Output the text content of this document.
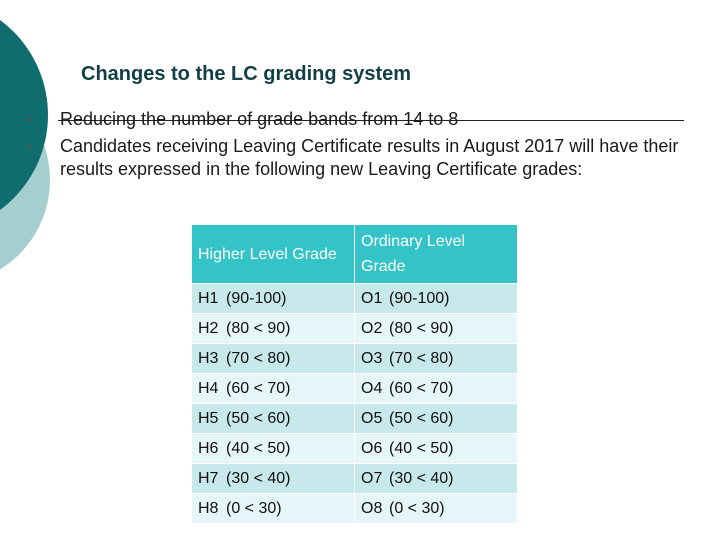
Changes to the LC grading system
• Reducing the number of grade bands from 14 to 8
• Candidates receiving Leaving Certificate results in August 2017 will have their results expressed in the following new Leaving Certificate grades:
Higher Level Grade	Ordinary Level Grade
H1 (90-100)	O1 (90-100)
H2 (80 < 90)	O2 (80 < 90)
H3 (70 < 80)	O3 (70 < 80)
H4 (60 < 70)	O4 (60 < 70)
H5 (50 < 60)	O5 (50 < 60)
H6 (40 < 50)	O6 (40 < 50)
H7 (30 < 40)	O7 (30 < 40)
H8 (0 < 30)	O8 (0 < 30)
